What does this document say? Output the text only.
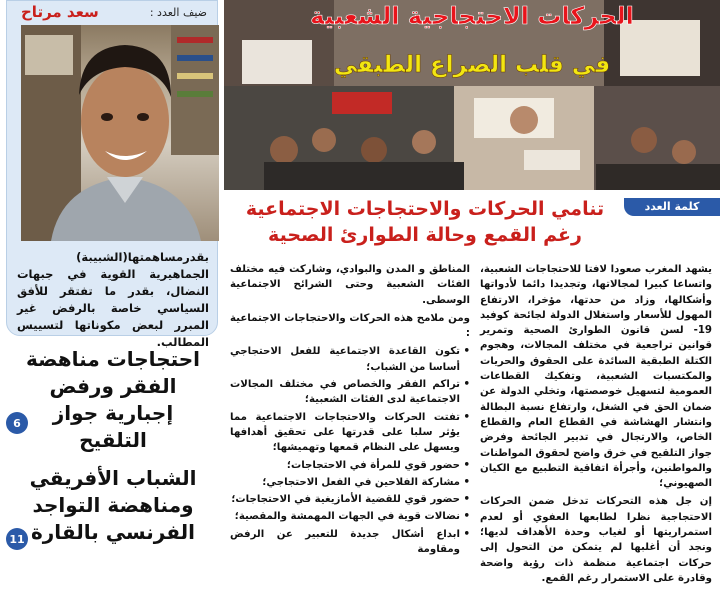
ضيف العدد :
سعد مرتاح
بقدرمساهمتها(الشبيبة) الجماهيرية القوية في جبهات النضال، بقدر ما تفتقر للأفق السياسي خاصة بالرفض غير المبرر لبعض مكوناتها لتسييس المطالب.
احتجاجات مناهضة الفقر ورفض إجبارية جواز التلقيح
6
الشباب الأفريقي ومناهضة التواجد الفرنسي بالقارة
11
الحركات الاحتجاجية الشعبية
في قلب الصراع الطبقي
كلمة العدد
تنامي الحركات والاحتجاجات الاجتماعية
رغم القمع وحالة الطوارئ الصحية

يشهد المغرب صعودا لافتا للاحتجاجات الشعبية، واتساعا كبيرا لمجالاتها، وتجديدا دائما لأدواتها وأشكالها، وزاد من حدتها، مؤخرا، الارتفاع المهول للأسعار واستغلال الدولة لجائحة كوفيد 19- لسن قانون الطوارئ الصحية وتمرير قوانين تراجعية في مختلف المجالات، وهجوم الكتلة الطبقية السائدة على الحقوق والحريات والمكتسبات الشعبية، وتفكيك القطاعات العمومية لتسهيل خوصصتها، وتخلي الدولة عن ضمان الحق في الشغل، وارتفاع نسبة البطالة وانتشار الهشاشة في القطاع العام والقطاع الخاص، والارتجال في تدبير الجائحة وفرض جواز التلقيح في خرق واضح لحقوق المواطنات والمواطنين، وأجرأة اتفاقية التطبيع مع الكيان الصهيوني؛

إن جل هذه التحركات تدخل ضمن الحركات الاحتجاجية نظرا لطابعها العفوي أو لعدم استمراريتها أو لغياب وحدة الأهداف لديها؛ ونجد أن أغلبها لم يتمكن من التحول إلى حركات اجتماعية منظمة ذات رؤية واضحة وقادرة على الاستمرار رغم القمع.

المناطق و المدن والبوادي، وشاركت فيه مختلف الفئات الشعبية وحتى الشرائح الاجتماعية الوسطى.

ومن ملامح هذه الحركات والاحتجاجات الاجتماعية :
• تكون القاعدة الاجتماعية للفعل الاحتجاجي أساسا من الشباب؛
• تراكم الفقر والخصاص في مختلف المجالات الاجتماعية لدى الفئات الشعبية؛
• تفتت الحركات والاحتجاجات الاجتماعية مما يؤثر سلبا على قدرتها على تحقيق أهدافها ويسهل على النظام قمعها وتهميشها؛
• حضور قوي للمرأة في الاحتجاجات؛
• مشاركة الفلاحين في الفعل الاحتجاجي؛
• حضور قوي للقضية الأمازيغية في الاحتجاجات؛
• نضالات قوية في الجهات المهمشة والمقصية؛
• ابداع أشكال جديدة للتعبير عن الرفض ومقاومة
